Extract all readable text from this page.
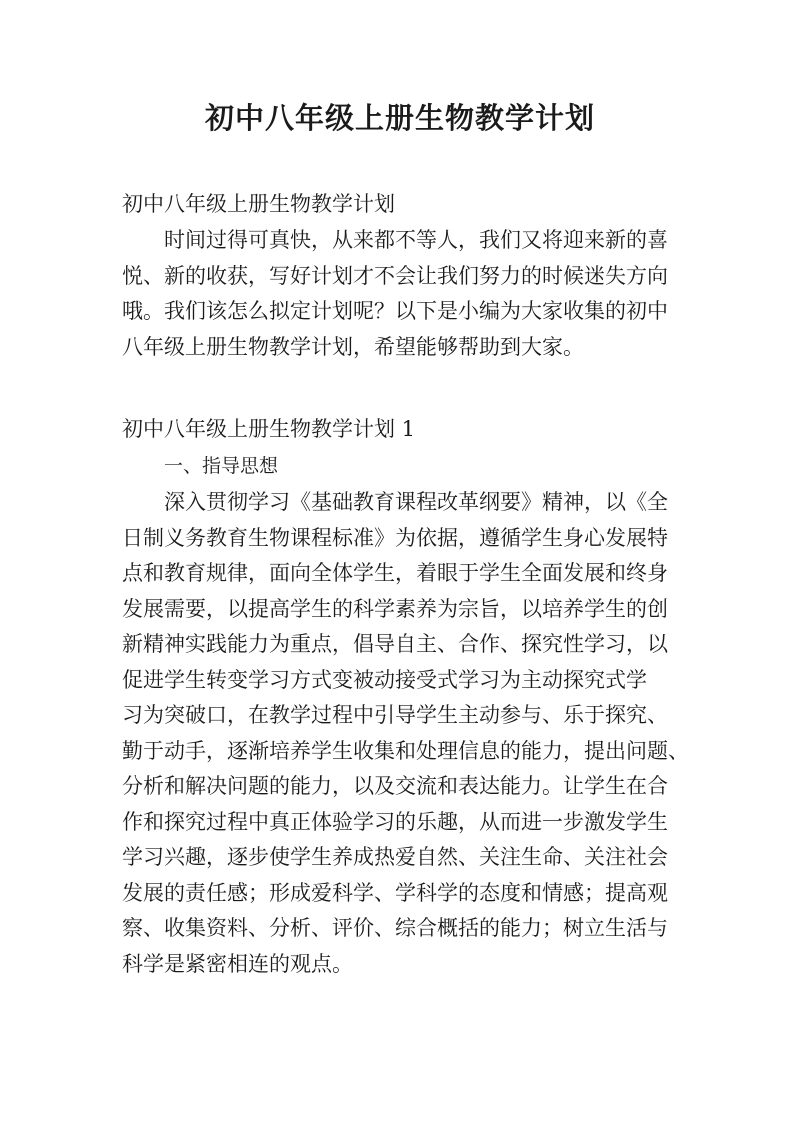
初中八年级上册生物教学计划

初中八年级上册生物教学计划

时间过得可真快，从来都不等人，我们又将迎来新的喜
悦、新的收获，写好计划才不会让我们努力的时候迷失方向
哦。我们该怎么拟定计划呢？以下是小编为大家收集的初中
八年级上册生物教学计划，希望能够帮助到大家。

初中八年级上册生物教学计划 1

一、指导思想

深入贯彻学习《基础教育课程改革纲要》精神，以《全
日制义务教育生物课程标准》为依据，遵循学生身心发展特
点和教育规律，面向全体学生，着眼于学生全面发展和终身
发展需要，以提高学生的科学素养为宗旨，以培养学生的创
新精神实践能力为重点，倡导自主、合作、探究性学习，以
促进学生转变学习方式变被动接受式学习为主动探究式学
习为突破口，在教学过程中引导学生主动参与、乐于探究、
勤于动手，逐渐培养学生收集和处理信息的能力，提出问题、
分析和解决问题的能力，以及交流和表达能力。让学生在合
作和探究过程中真正体验学习的乐趣，从而进一步激发学生
学习兴趣，逐步使学生养成热爱自然、关注生命、关注社会
发展的责任感；形成爱科学、学科学的态度和情感；提高观
察、收集资料、分析、评价、综合概括的能力；树立生活与
科学是紧密相连的观点。
